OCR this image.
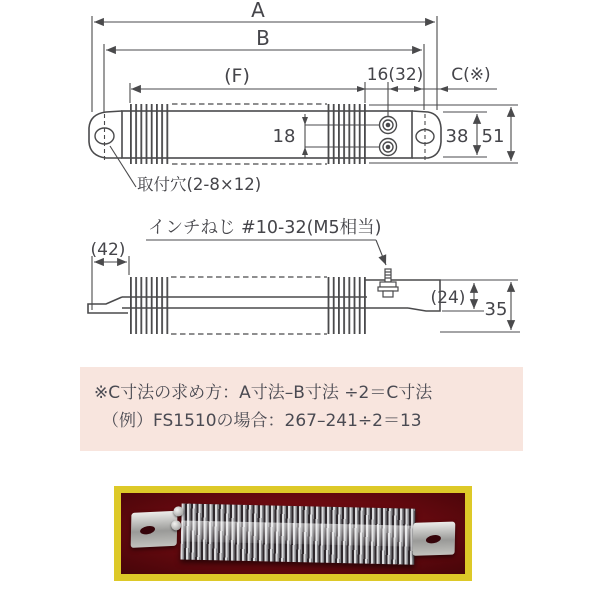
A
B
(F)	16(32) C(※)
18	38 51
取付穴(2-8×12)
インチねじ #10-32(M5相当)
(42)
(24)
35
※C寸法の求め方：A寸法–B寸法 ÷2＝C寸法
（例）FS1510の場合：267–241÷2＝13
